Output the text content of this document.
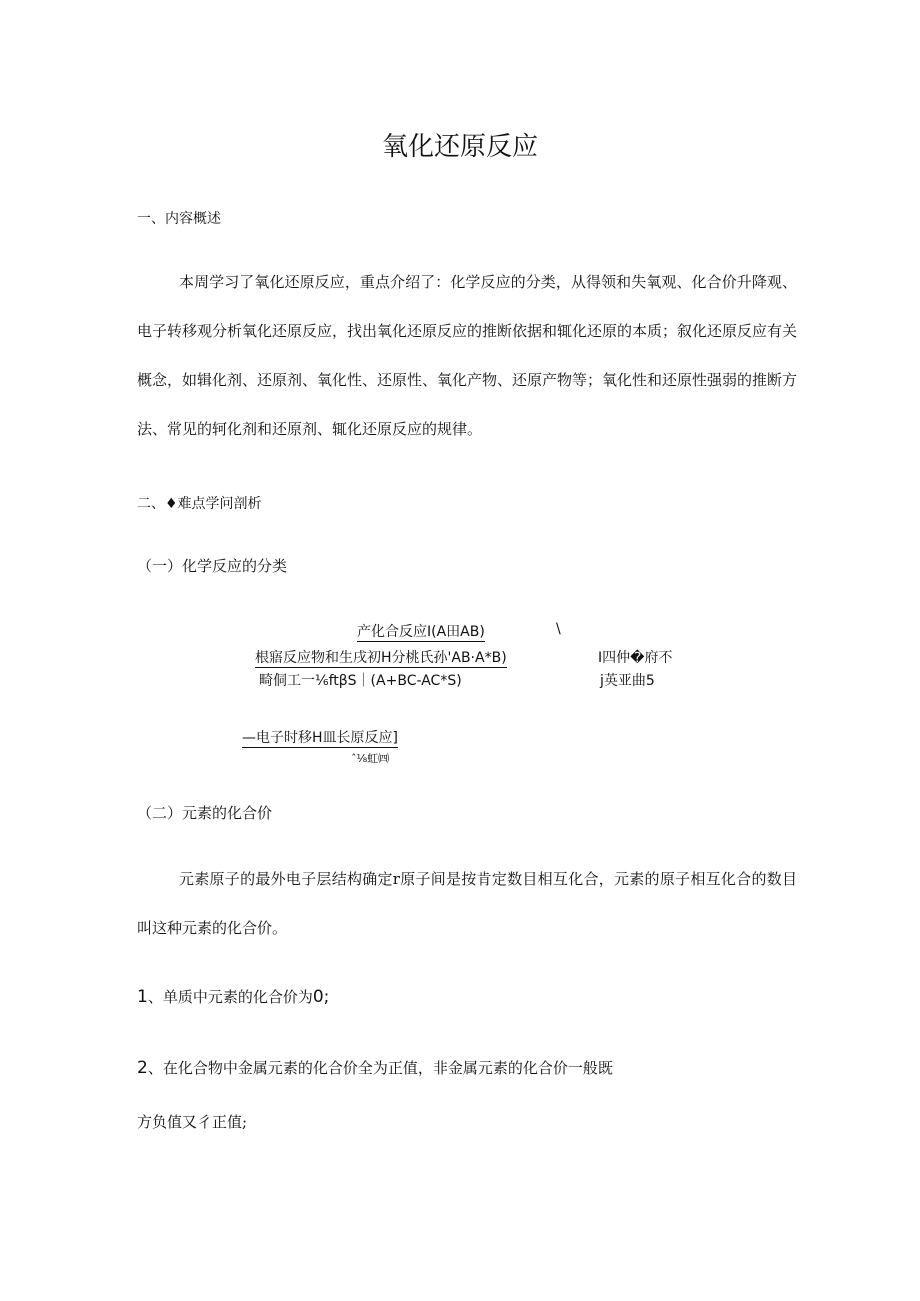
氧化还原反应
一、内容概述
本周学习了氧化还原反应，重点介绍了：化学反应的分类，从得领和失氧观、化合价升降观、电子转移观分析氧化还原反应，找出氧化还原反应的推断依据和辄化还原的本质；叙化还原反应有关概念，如辑化剂、还原剂、氧化性、还原性、氧化产物、还原产物等；氧化性和还原性强弱的推断方法、常见的轲化剂和还原剂、辄化还原反应的规律。
二、♦难点学问剖析
（一）化学反应的分类
产化合反应I(A田AB)	\
根寤反应物和生戌初H分桃氏孙'AB·A*B)	I四仲�府不
畸侗工一⅙ftβS｜(A+BC-AC*S)	j英亚曲5
—电子时移H皿长原反应]
ˆ⅛虹㈣
（二）元素的化合价
元素原子的最外电子层结构确定r原子间是按肯定数目相互化合，元素的原子相互化合的数目叫这种元素的化合价。
1、单质中元素的化合价为0;
2、在化合物中金属元素的化合价全为正值，非金属元素的化合价一般既
方负值又彳正值;
